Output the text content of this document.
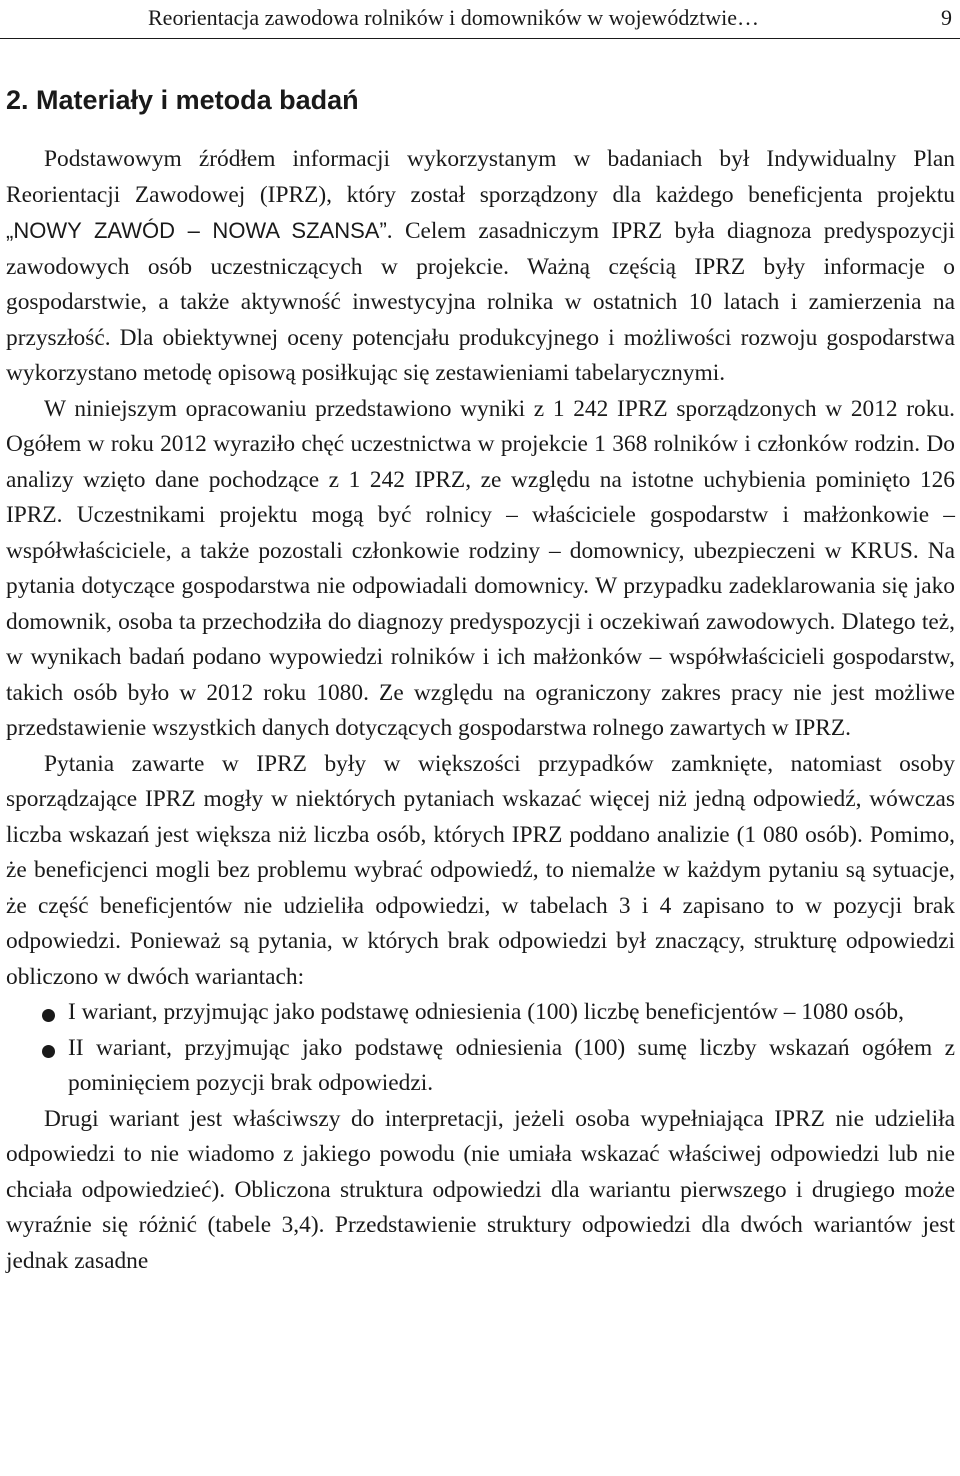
Reorientacja zawodowa rolników i domowników w województwie…	9
2. Materiały i metoda badań

Podstawowym źródłem informacji wykorzystanym w badaniach był Indywidualny Plan Reorientacji Zawodowej (IPRZ), który został sporządzony dla każdego beneficjenta projektu „NOWY ZAWÓD – NOWA SZANSA”. Celem zasadniczym IPRZ była diagnoza predyspozycji zawodowych osób uczestniczących w projekcie. Ważną częścią IPRZ były informacje o gospodarstwie, a także aktywność inwestycyjna rolnika w ostatnich 10 latach i zamierzenia na przyszłość. Dla obiektywnej oceny potencjału produkcyjnego i możliwości rozwoju gospodarstwa wykorzystano metodę opisową posiłkując się zestawieniami tabelarycznymi.

W niniejszym opracowaniu przedstawiono wyniki z 1 242 IPRZ sporządzonych w 2012 roku. Ogółem w roku 2012 wyraziło chęć uczestnictwa w projekcie 1 368 rolników i członków rodzin. Do analizy wzięto dane pochodzące z 1 242 IPRZ, ze względu na istotne uchybienia pominięto 126 IPRZ. Uczestnikami projektu mogą być rolnicy – właściciele gospodarstw i małżonkowie – współwłaściciele, a także pozostali członkowie rodziny – domownicy, ubezpieczeni w KRUS. Na pytania dotyczące gospodarstwa nie odpowiadali domownicy. W przypadku zadeklarowania się jako domownik, osoba ta przechodziła do diagnozy predyspozycji i oczekiwań zawodowych. Dlatego też, w wynikach badań podano wypowiedzi rolników i ich małżonków – współwłaścicieli gospodarstw, takich osób było w 2012 roku 1080. Ze względu na ograniczony zakres pracy nie jest możliwe przedstawienie wszystkich danych dotyczących gospodarstwa rolnego zawartych w IPRZ.

Pytania zawarte w IPRZ były w większości przypadków zamknięte, natomiast osoby sporządzające IPRZ mogły w niektórych pytaniach wskazać więcej niż jedną odpowiedź, wówczas liczba wskazań jest większa niż liczba osób, których IPRZ poddano analizie (1 080 osób). Pomimo, że beneficjenci mogli bez problemu wybrać odpowiedź, to niemalże w każdym pytaniu są sytuacje, że część beneficjentów nie udzieliła odpowiedzi, w tabelach 3 i 4 zapisano to w pozycji brak odpowiedzi. Ponieważ są pytania, w których brak odpowiedzi był znaczący, strukturę odpowiedzi obliczono w dwóch wariantach:

I wariant, przyjmując jako podstawę odniesienia (100) liczbę beneficjentów – 1080 osób,
II wariant, przyjmując jako podstawę odniesienia (100) sumę liczby wskazań ogółem z pominięciem pozycji brak odpowiedzi.

Drugi wariant jest właściwszy do interpretacji, jeżeli osoba wypełniająca IPRZ nie udzieliła odpowiedzi to nie wiadomo z jakiego powodu (nie umiała wskazać właściwej odpowiedzi lub nie chciała odpowiedzieć). Obliczona struktura odpowiedzi dla wariantu pierwszego i drugiego może wyraźnie się różnić (tabele 3,4). Przedstawienie struktury odpowiedzi dla dwóch wariantów jest jednak zasadne
